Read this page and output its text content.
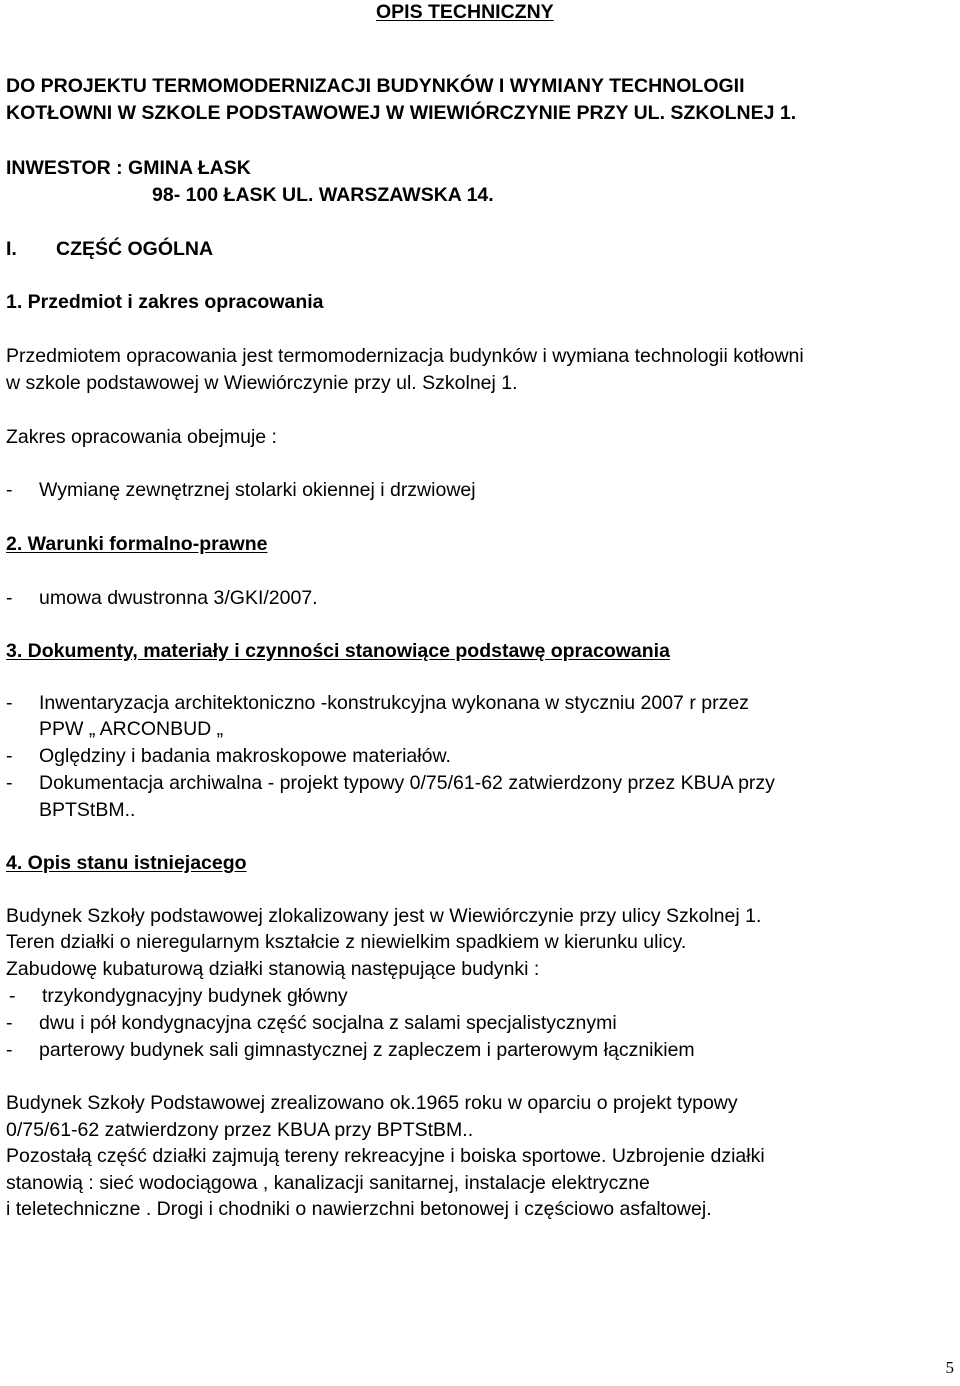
OPIS TECHNICZNY
DO PROJEKTU TERMOMODERNIZACJI BUDYNKÓW I WYMIANY TECHNOLOGII
KOTŁOWNI W SZKOLE PODSTAWOWEJ W WIEWIÓRCZYNIE PRZY UL. SZKOLNEJ 1.
INWESTOR : GMINA ŁASK
98- 100 ŁASK UL. WARSZAWSKA 14.
I. CZĘŚĆ OGÓLNA
1. Przedmiot i zakres opracowania
Przedmiotem opracowania jest termomodernizacja budynków i wymiana technologii kotłowni
w szkole podstawowej w Wiewiórczynie przy ul. Szkolnej 1.
Zakres opracowania obejmuje :
- Wymianę zewnętrznej stolarki okiennej i drzwiowej
2. Warunki formalno-prawne
- umowa dwustronna 3/GKI/2007.
3. Dokumenty, materiały i czynności stanowiące podstawę opracowania
- Inwentaryzacja architektoniczno -konstrukcyjna wykonana w styczniu 2007 r przez
PPW „ ARCONBUD „
- Oględziny i badania makroskopowe materiałów.
- Dokumentacja archiwalna - projekt typowy 0/75/61-62 zatwierdzony przez KBUA przy
BPTStBM..
4. Opis stanu istniejacego
Budynek Szkoły podstawowej zlokalizowany jest w Wiewiórczynie przy ulicy Szkolnej 1.
Teren działki o nieregularnym kształcie z niewielkim spadkiem w kierunku ulicy.
Zabudowę kubaturową działki stanowią następujące budynki :
- trzykondygnacyjny budynek główny
- dwu i pół kondygnacyjna część socjalna z salami specjalistycznymi
- parterowy budynek sali gimnastycznej z zapleczem i parterowym łącznikiem
Budynek Szkoły Podstawowej zrealizowano ok.1965 roku w oparciu o projekt typowy
0/75/61-62 zatwierdzony przez KBUA przy BPTStBM..
Pozostałą część działki zajmują tereny rekreacyjne i boiska sportowe. Uzbrojenie działki
stanowią : sieć wodociągowa , kanalizacji sanitarnej, instalacje elektryczne
i teletechniczne . Drogi i chodniki o nawierzchni betonowej i częściowo asfaltowej.
5
